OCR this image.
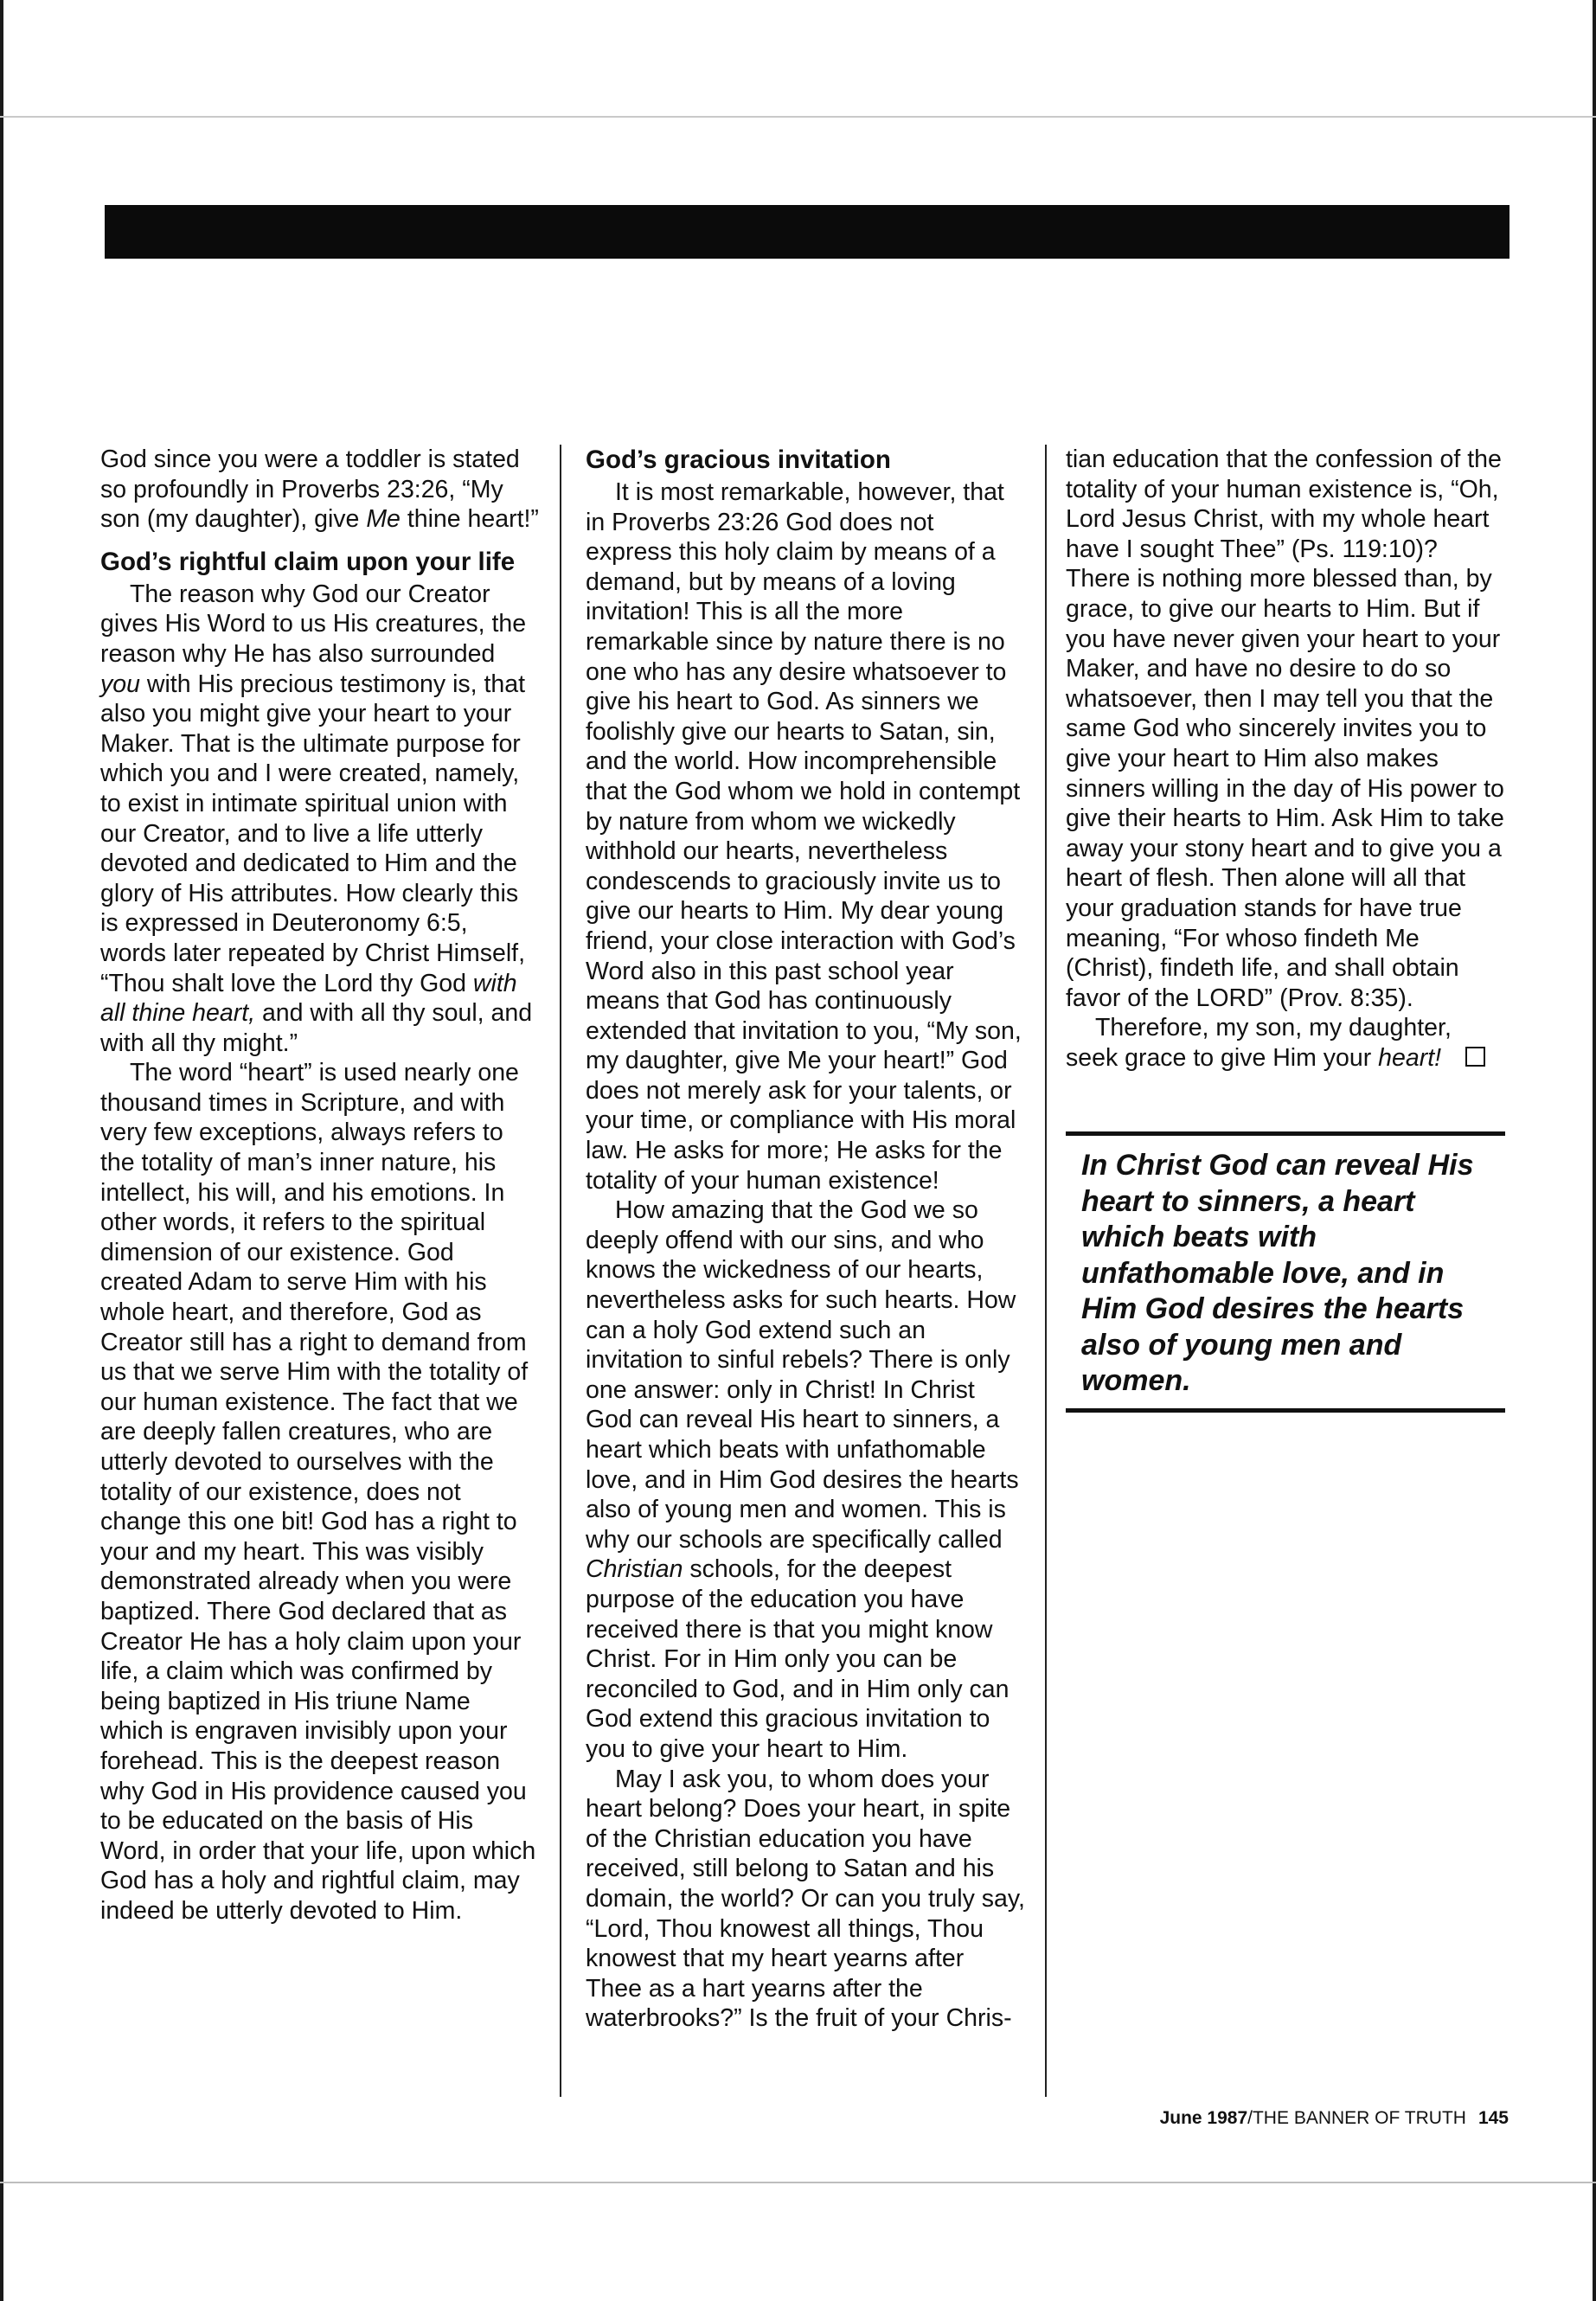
God since you were a toddler is stated so profoundly in Proverbs 23:26, “My son (my daughter), give Me thine heart!”

God’s rightful claim upon your life

The reason why God our Creator gives His Word to us His creatures, the reason why He has also surrounded you with His precious testimony is, that also you might give your heart to your Maker. That is the ultimate purpose for which you and I were created, namely, to exist in intimate spiritual union with our Creator, and to live a life utterly devoted and dedicated to Him and the glory of His attributes. How clearly this is expressed in Deuteronomy 6:5, words later repeated by Christ Himself, “Thou shalt love the Lord thy God with all thine heart, and with all thy soul, and with all thy might.”

The word “heart” is used nearly one thousand times in Scripture, and with very few exceptions, always refers to the totality of man’s inner nature, his intellect, his will, and his emotions. In other words, it refers to the spiritual dimension of our existence. God created Adam to serve Him with his whole heart, and therefore, God as Creator still has a right to demand from us that we serve Him with the totality of our human existence. The fact that we are deeply fallen creatures, who are utterly devoted to ourselves with the totality of our existence, does not change this one bit! God has a right to your and my heart. This was visibly demonstrated already when you were baptized. There God declared that as Creator He has a holy claim upon your life, a claim which was confirmed by being baptized in His triune Name which is engraven invisibly upon your forehead. This is the deepest reason why God in His providence caused you to be educated on the basis of His Word, in order that your life, upon which God has a holy and rightful claim, may indeed be utterly devoted to Him.

God’s gracious invitation

It is most remarkable, however, that in Proverbs 23:26 God does not express this holy claim by means of a demand, but by means of a loving invitation! This is all the more remarkable since by nature there is no one who has any desire whatsoever to give his heart to God. As sinners we foolishly give our hearts to Satan, sin, and the world. How incomprehensible that the God whom we hold in contempt by nature from whom we wickedly withhold our hearts, nevertheless condescends to graciously invite us to give our hearts to Him. My dear young friend, your close interaction with God’s Word also in this past school year means that God has continuously extended that invitation to you, “My son, my daughter, give Me your heart!” God does not merely ask for your talents, or your time, or compliance with His moral law. He asks for more; He asks for the totality of your human existence!

How amazing that the God we so deeply offend with our sins, and who knows the wickedness of our hearts, nevertheless asks for such hearts. How can a holy God extend such an invitation to sinful rebels? There is only one answer: only in Christ! In Christ God can reveal His heart to sinners, a heart which beats with unfathomable love, and in Him God desires the hearts also of young men and women. This is why our schools are specifically called Christian schools, for the deepest purpose of the education you have received there is that you might know Christ. For in Him only you can be reconciled to God, and in Him only can God extend this gracious invitation to you to give your heart to Him.

May I ask you, to whom does your heart belong? Does your heart, in spite of the Christian education you have received, still belong to Satan and his domain, the world? Or can you truly say, “Lord, Thou knowest all things, Thou knowest that my heart yearns after Thee as a hart yearns after the waterbrooks?” Is the fruit of your Chris-

tian education that the confession of the totality of your human existence is, “Oh, Lord Jesus Christ, with my whole heart have I sought Thee” (Ps. 119:10)? There is nothing more blessed than, by grace, to give our hearts to Him. But if you have never given your heart to your Maker, and have no desire to do so whatsoever, then I may tell you that the same God who sincerely invites you to give your heart to Him also makes sinners willing in the day of His power to give their hearts to Him. Ask Him to take away your stony heart and to give you a heart of flesh. Then alone will all that your graduation stands for have true meaning, “For whoso findeth Me (Christ), findeth life, and shall obtain favor of the LORD” (Prov. 8:35).

Therefore, my son, my daughter, seek grace to give Him your heart!

In Christ God can reveal His heart to sinners, a heart which beats with unfathomable love, and in Him God desires the hearts also of young men and women.

June 1987/THE BANNER OF TRUTH 145
